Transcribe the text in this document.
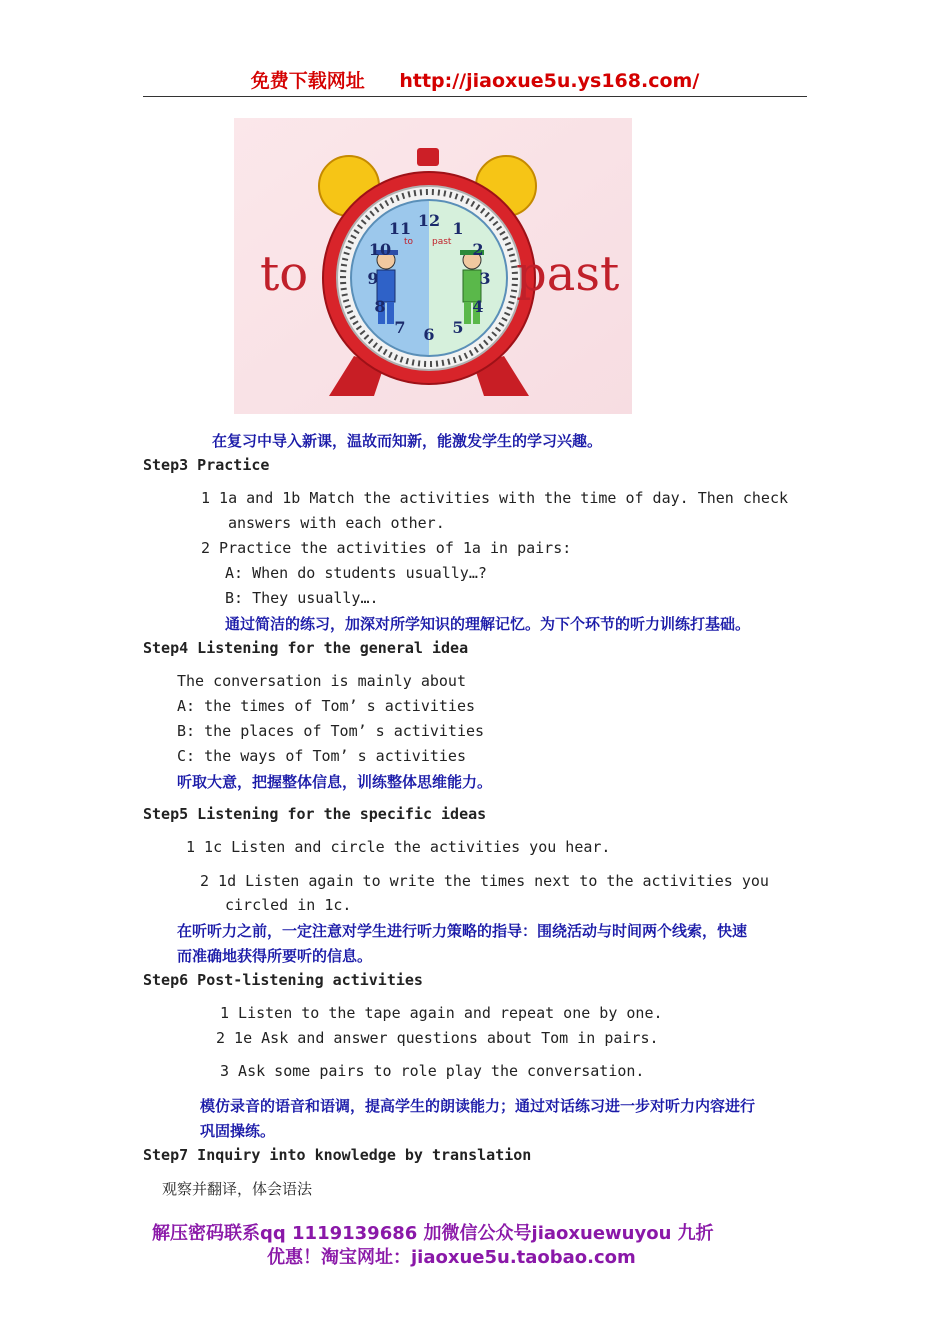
免费下载网址 http://jiaoxue5u.ys168.com/
12 1
2
3
4
5
6
7
8
9
10
11
to past
to	past
在复习中导入新课，温故而知新，能激发学生的学习兴趣。
Step3 Practice
1 1a and 1b Match the activities with the time of day. Then check
answers with each other.
2 Practice the activities of 1a in pairs:
A: When do students usually…?
B: They usually….
通过简洁的练习，加深对所学知识的理解记忆。为下个环节的听力训练打基础。
Step4 Listening for the general idea
The conversation is mainly about
A: the times of Tom’ s activities
B: the places of Tom’ s activities
C: the ways of Tom’ s activities
听取大意，把握整体信息，训练整体思维能力。
Step5 Listening for the specific ideas
1 1c Listen and circle the activities you hear.
2 1d Listen again to write the times next to the activities you
circled in 1c.
在听听力之前，一定注意对学生进行听力策略的指导：围绕活动与时间两个线索，快速
而准确地获得所要听的信息。
Step6 Post-listening activities
1 Listen to the tape again and repeat one by one.
2 1e Ask and answer questions about Tom in pairs.
3 Ask some pairs to role play the conversation.
模仿录音的语音和语调，提高学生的朗读能力；通过对话练习进一步对听力内容进行
巩固操练。
Step7 Inquiry into knowledge by translation
观察并翻译，体会语法
解压密码联系qq 1119139686 加微信公众号jiaoxuewuyou 九折
优惠！淘宝网址：jiaoxue5u.taobao.com
